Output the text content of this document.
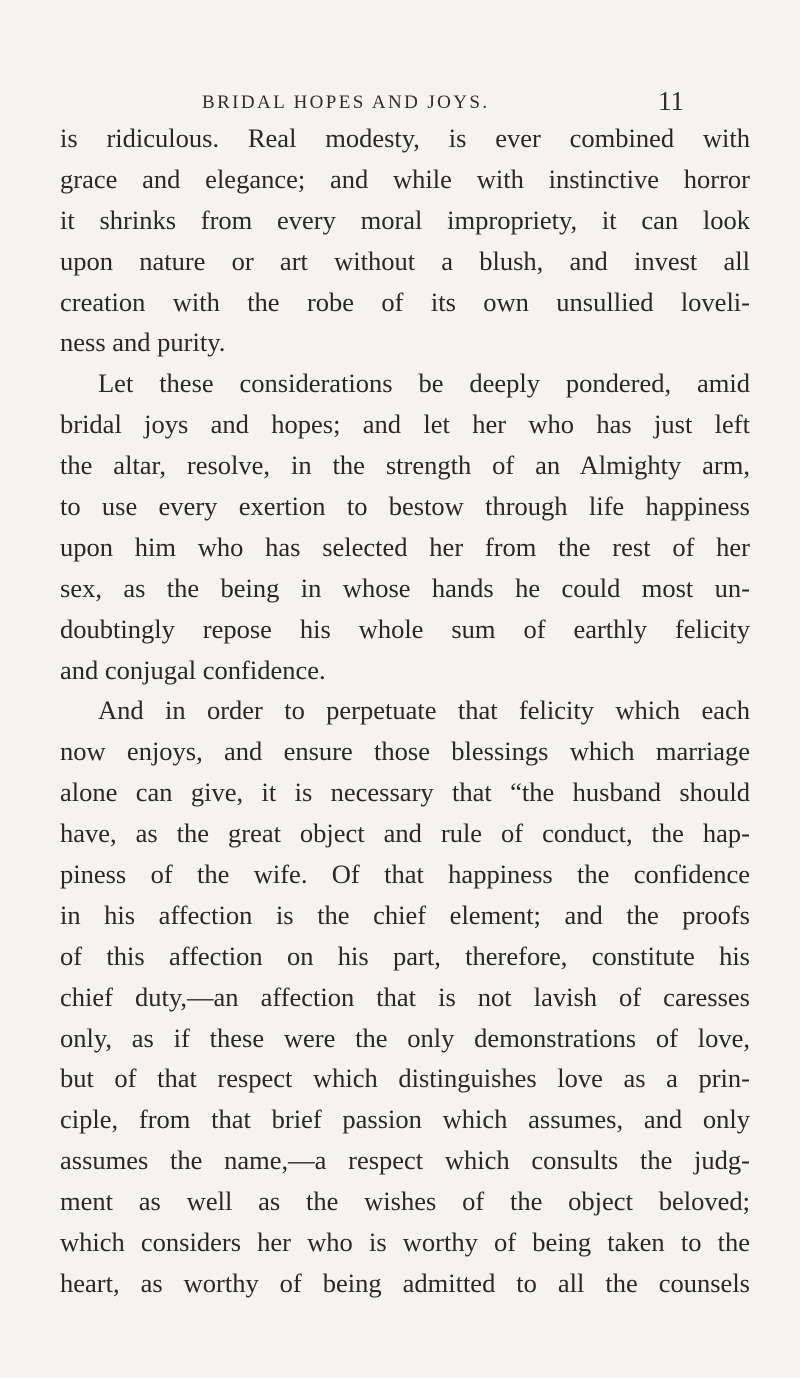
BRIDAL HOPES AND JOYS.	11
is ridiculous. Real modesty, is ever combined with
grace and elegance; and while with instinctive horror
it shrinks from every moral impropriety, it can look
upon nature or art without a blush, and invest all
creation with the robe of its own unsullied loveli-
ness and purity.
Let these considerations be deeply pondered, amid
bridal joys and hopes; and let her who has just left
the altar, resolve, in the strength of an Almighty arm,
to use every exertion to bestow through life happiness
upon him who has selected her from the rest of her
sex, as the being in whose hands he could most un-
doubtingly repose his whole sum of earthly felicity
and conjugal confidence.
And in order to perpetuate that felicity which each
now enjoys, and ensure those blessings which marriage
alone can give, it is necessary that “the husband should
have, as the great object and rule of conduct, the hap-
piness of the wife. Of that happiness the confidence
in his affection is the chief element; and the proofs
of this affection on his part, therefore, constitute his
chief duty,—an affection that is not lavish of caresses
only, as if these were the only demonstrations of love,
but of that respect which distinguishes love as a prin-
ciple, from that brief passion which assumes, and only
assumes the name,—a respect which consults the judg-
ment as well as the wishes of the object beloved;
which considers her who is worthy of being taken to the
heart, as worthy of being admitted to all the counsels
